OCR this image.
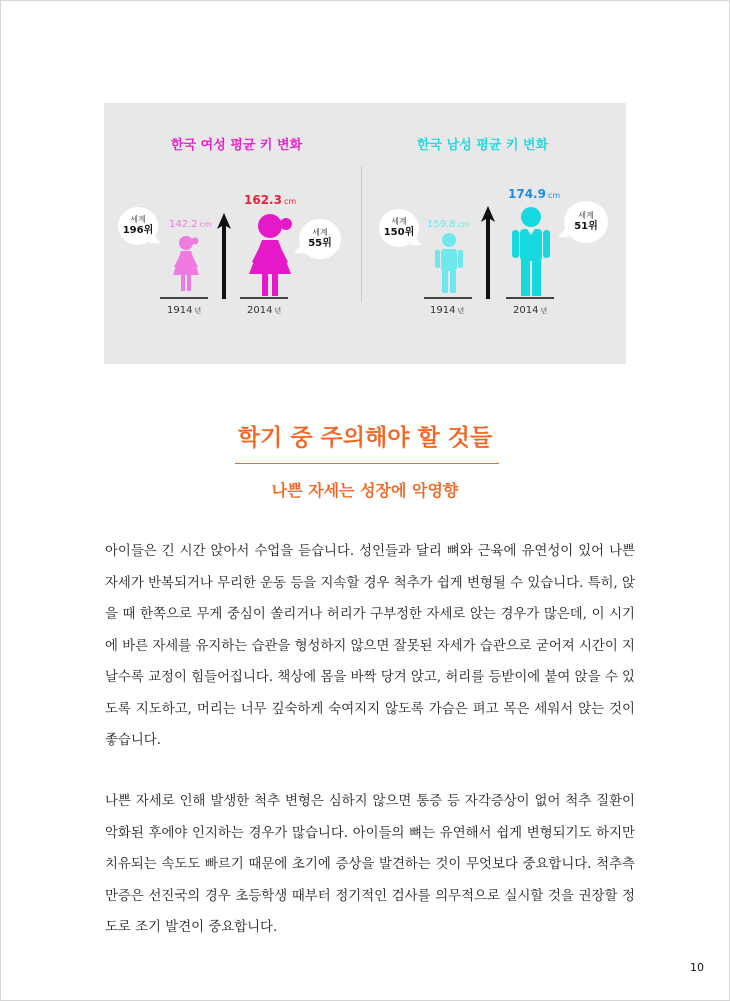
한국 여성 평균 키 변화
세계
196위
142.2 cm
162.3 cm
세계
55위
1914 년	2014 년
한국 남성 평균 키 변화
세계
150위
159.8 cm
174.9 cm
세계
51위
1914 년	2014 년
학기 중 주의해야 할 것들
나쁜 자세는 성장에 악영향

아이들은 긴 시간 앉아서 수업을 듣습니다. 성인들과 달리 뼈와 근육에 유연성이 있어 나쁜 자세가 반복되거나 무리한 운동 등을 지속할 경우 척추가 쉽게 변형될 수 있습니다. 특히, 앉을 때 한쪽으로 무게 중심이 쏠리거나 허리가 구부정한 자세로 앉는 경우가 많은데, 이 시기에 바른 자세를 유지하는 습관을 형성하지 않으면 잘못된 자세가 습관으로 굳어져 시간이 지날수록 교정이 힘들어집니다. 책상에 몸을 바짝 당겨 앉고, 허리를 등받이에 붙여 앉을 수 있도록 지도하고, 머리는 너무 깊숙하게 숙여지지 않도록 가슴은 펴고 목은 세워서 앉는 것이 좋습니다.

나쁜 자세로 인해 발생한 척추 변형은 심하지 않으면 통증 등 자각증상이 없어 척추 질환이 악화된 후에야 인지하는 경우가 많습니다. 아이들의 뼈는 유연해서 쉽게 변형되기도 하지만 치유되는 속도도 빠르기 때문에 초기에 증상을 발견하는 것이 무엇보다 중요합니다. 척추측만증은 선진국의 경우 초등학생 때부터 정기적인 검사를 의무적으로 실시할 것을 권장할 정도로 조기 발견이 중요합니다.

10
